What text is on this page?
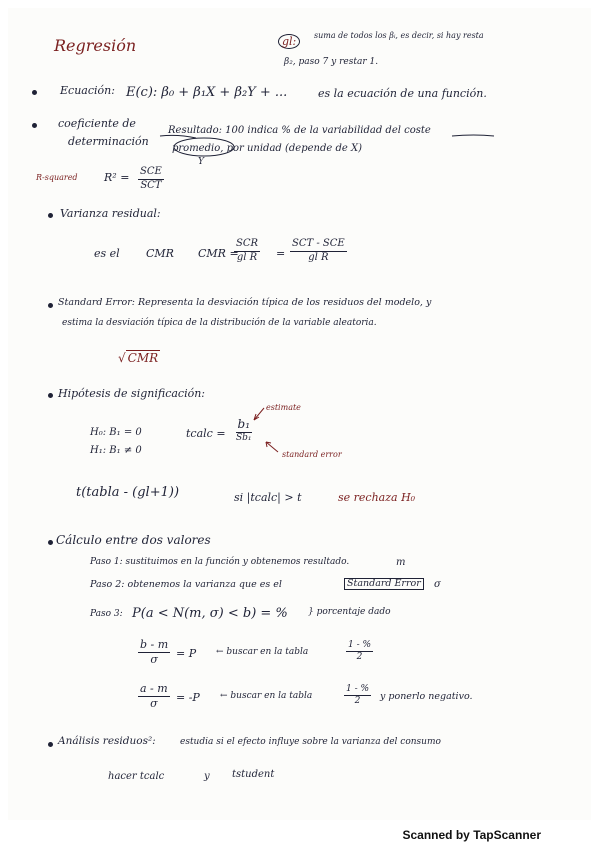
Regresión	gl:	suma de todos los βᵢ, es decir, si hay resta
β₂, paso 7 y restar 1.
Ecuación: E(c): β₀ + β₁X + β₂Y + ...	es la ecuación de una función.
coeficiente de
determinación
Resultado: 100 indica % de la variabilidad del coste
promedio, por unidad (depende de X)
Y
R-squared R² = SCE
SCT
Varianza residual:
es el CMR CMR =
SCR
gl R =
SCT - SCE
gl R
Standard Error: Representa la desviación típica de los residuos del modelo, y
estima la desviación típica de la distribución de la variable aleatoria.
√ CMR
Hipótesis de significación:
H₀: B₁ = 0
H₁: B₁ ≠ 0
tcalc =
b₁
Sb₁
estimate
standard error
t(tabla - (gl+1))	si |tcalc| > t	se rechaza H₀
Cálculo entre dos valores
Paso 1: sustituimos en la función y obtenemos resultado.	m
Paso 2: obtenemos la varianza que es el	Standard Error	σ
Paso 3: P(a < N(m, σ) < b) = % } porcentaje dado
$\frac{b - m}{\sigma} = P$ ← buscar en la tabla	$\frac{1 - \%}{2}$
$\frac{a - m}{\sigma} = -P$ ← buscar en la tabla	$\frac{1 - \%}{2}$ y ponerlo negativo.
Análisis residuos²:	estudia si el efecto influye sobre la varianza del consumo
hacer tcalc	y tstudent
Scanned by TapScanner
